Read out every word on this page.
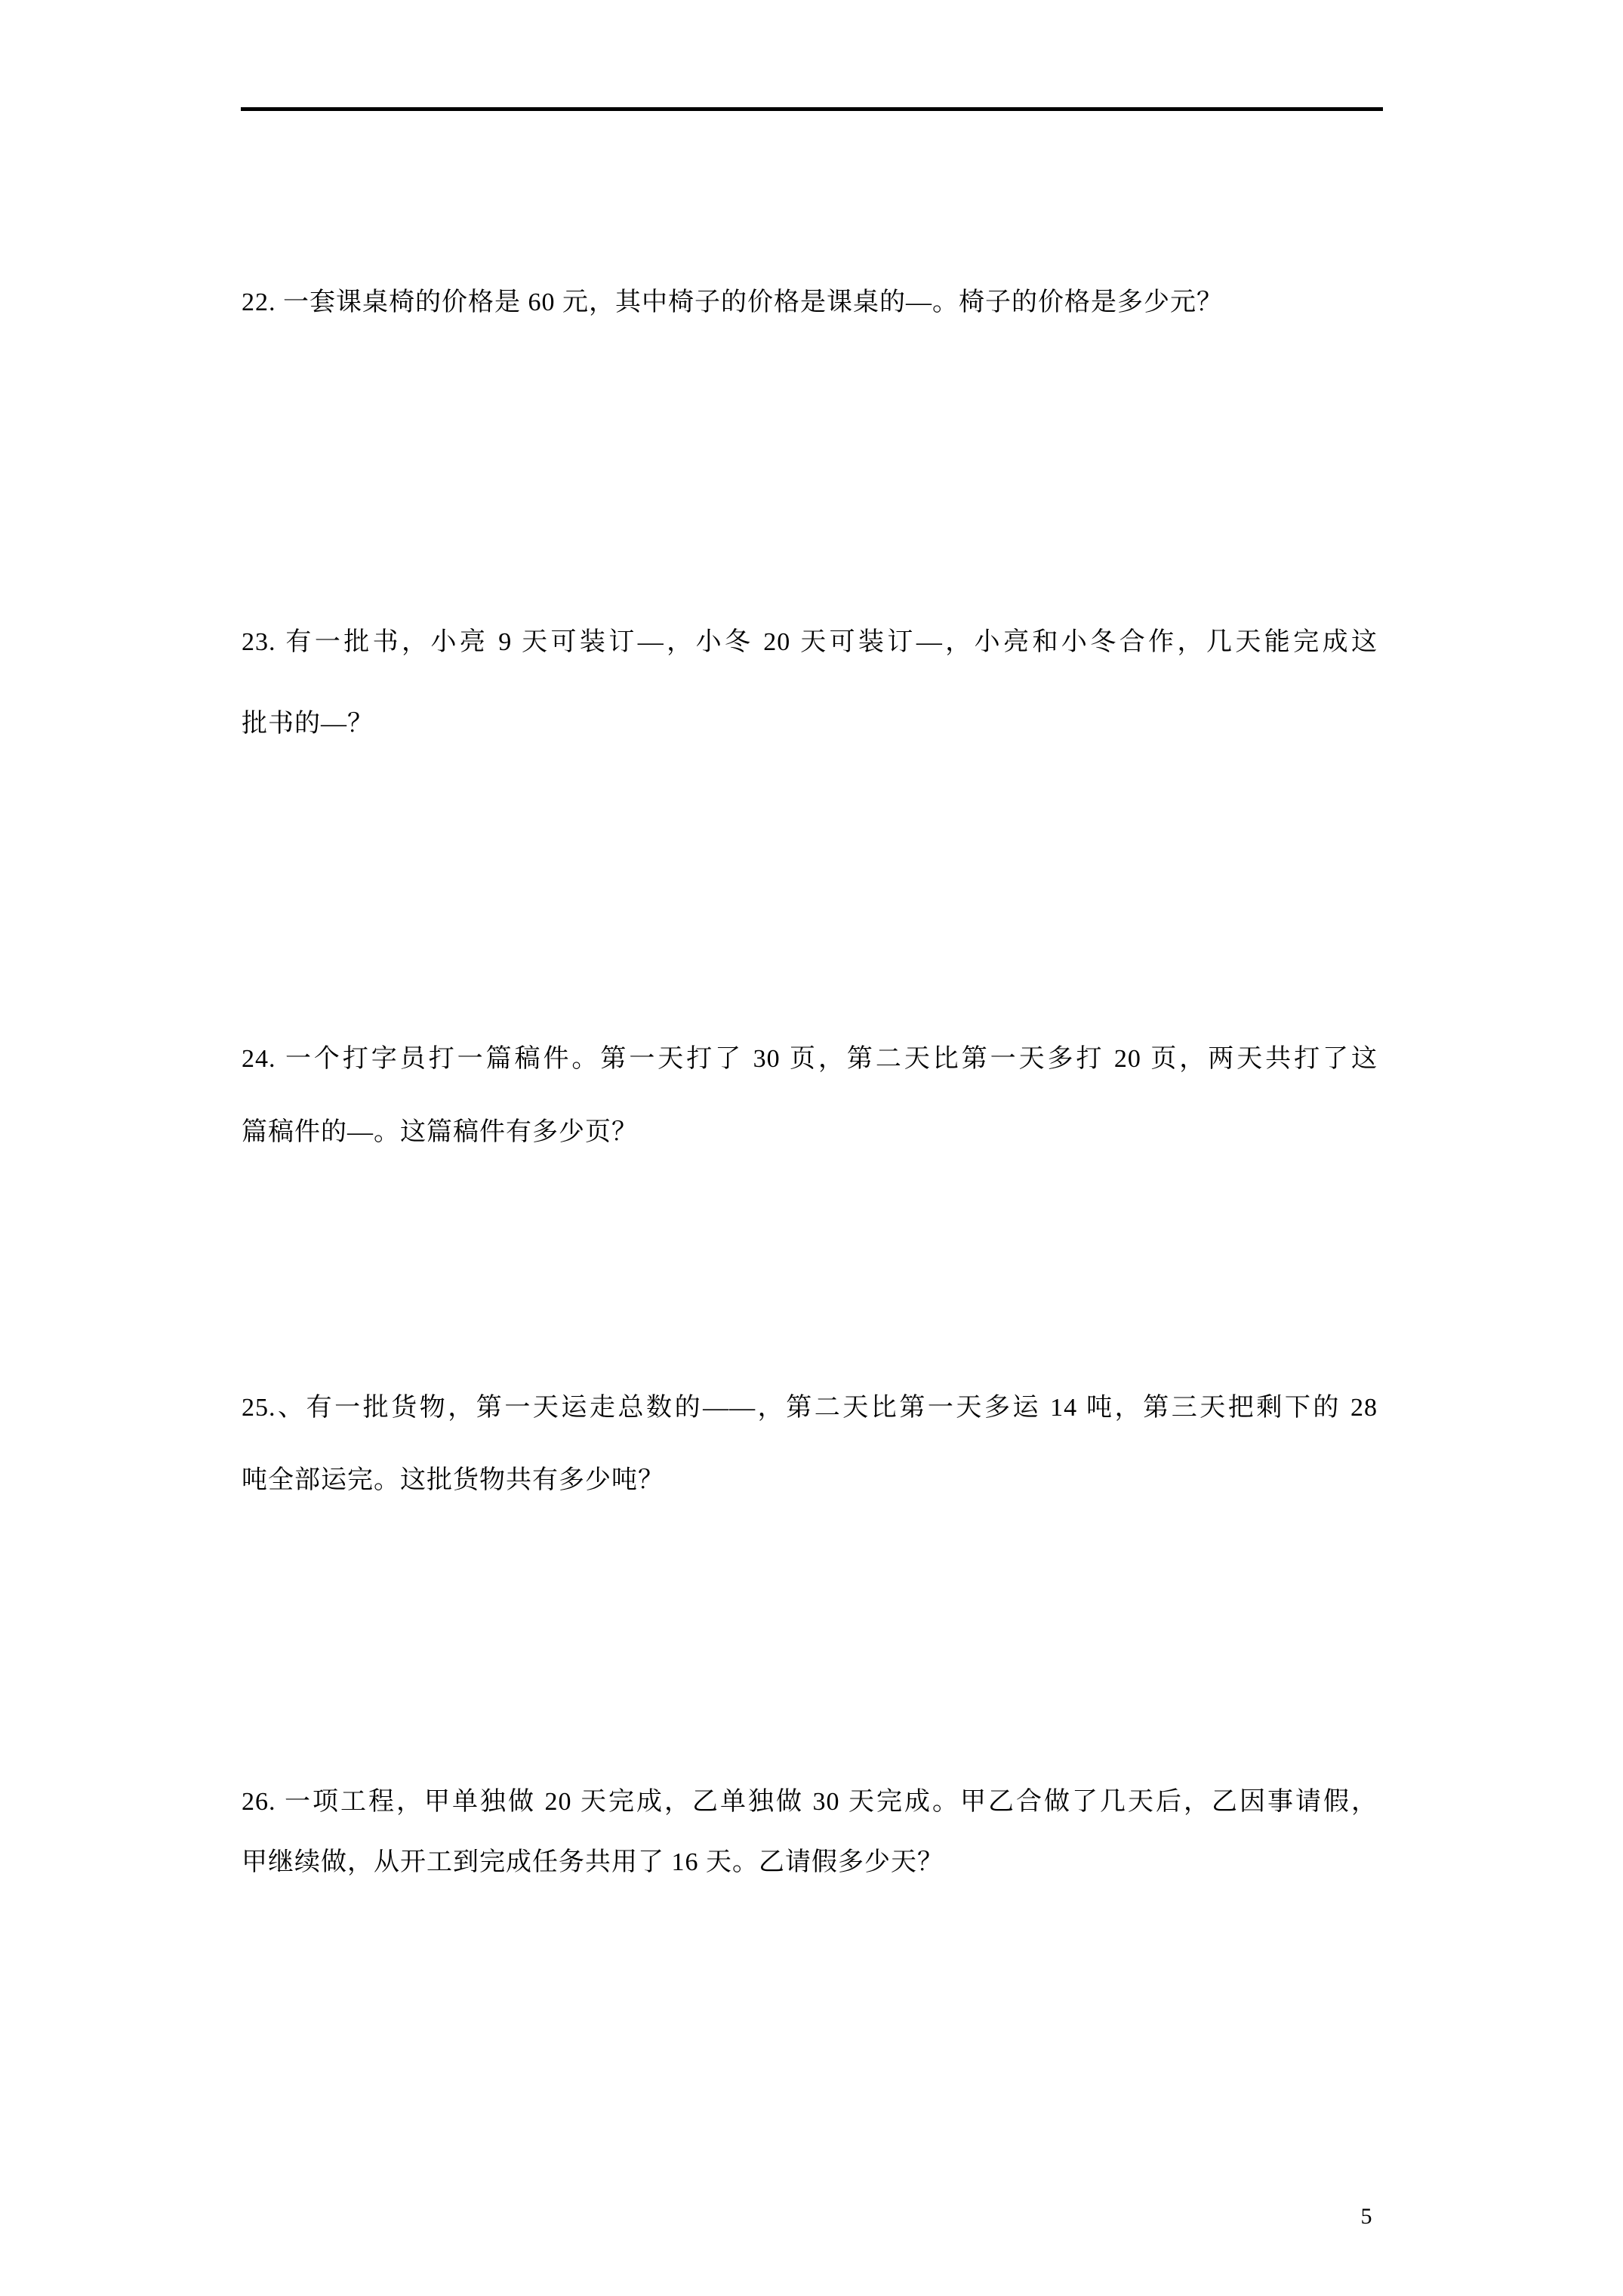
22. 一套课桌椅的价格是 60 元，其中椅子的价格是课桌的—。椅子的价格是多少元？
23. 有一批书，小亮 9 天可装订—，小冬 20 天可装订—，小亮和小冬合作，几天能完成这
批书的—？
24. 一个打字员打一篇稿件。第一天打了 30 页，第二天比第一天多打 20 页，两天共打了这
篇稿件的—。这篇稿件有多少页？
25.、有一批货物，第一天运走总数的——，第二天比第一天多运 14 吨，第三天把剩下的 28
吨全部运完。这批货物共有多少吨？
26. 一项工程，甲单独做 20 天完成，乙单独做 30 天完成。甲乙合做了几天后，乙因事请假，
甲继续做，从开工到完成任务共用了 16 天。乙请假多少天？
5
